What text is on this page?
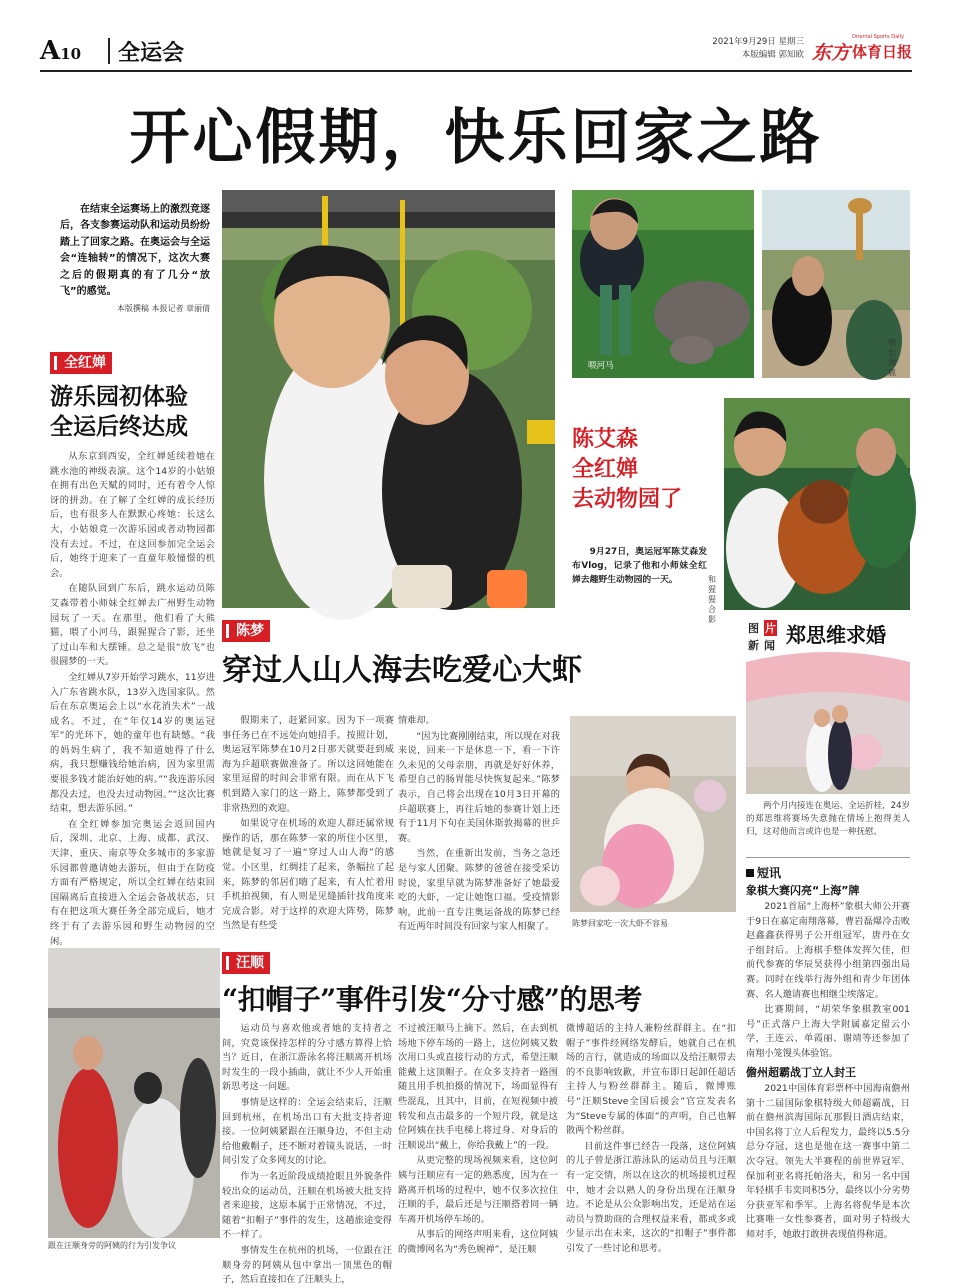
A10 全运会	2021年9月29日 星期三
本版编辑 郭知欧 东方
Oriental Sports Daily
体育日报
开心假期，快乐回家之路

在结束全运赛场上的激烈竞逐后，各支参赛运动队和运动员纷纷踏上了回家之路。在奥运会与全运会“连轴转”的情况下，这次大赛之后的假期真的有了几分“放飞”的感觉。

本版撰稿 本报记者 章丽倩

全红婵
游乐园初体验
全运后终达成

从东京到西安，全红婵延续着她在跳水池的神级表演。这个14岁的小姑娘在拥有出色天赋的同时，还有着令人惊讶的拼劲。在了解了全红婵的成长经历后，也有很多人在默默心疼她：长这么大，小姑娘竟一次游乐园或者动物园都没有去过。不过，在这回参加完全运会后，她终于迎来了一直童年般憧憬的机会。

在随队回到广东后，跳水运动员陈艾森带着小师妹全红婵去广州野生动物园玩了一天。在那里，他们看了大熊猫，喂了小河马，跟猩猩合了影，还坐了过山车和大摆锤。总之是很“放飞”也很圆梦的一天。

全红婵从7岁开始学习跳水，11岁进入广东省跳水队，13岁入选国家队。然后在东京奥运会上以“水花消失术”一战成名。不过，在“年仅14岁的奥运冠军”的光环下，她的童年也有缺憾。“我的妈妈生病了，我不知道她得了什么病，我只想赚钱给她治病，因为家里需要很多钱才能治好她的病。”“我连游乐园都没去过，也没去过动物园。”“这次比赛结束，想去游乐园。”

在全红婵参加完奥运会返回国内后，深圳、北京、上海、成都、武汉、天津、重庆、南京等众多城市的多家游乐园都曾邀请她去游玩，但由于在防疫方面有严格规定，所以全红婵在结束回国隔离后直接进入全运会备战状态，只有在把这项大赛任务全部完成后，她才终于有了去游乐园和野生动物园的空闲。

喂河马
喂长颈鹿
陈艾森
全红婵
去动物园了
9月27日，奥运冠军陈艾森发布Vlog，记录了他和小师妹全红婵去趣野生动物园的一天。	和猩猩合影
陈梦
穿过人山人海去吃爱心大虾

假期来了，赶紧回家。因为下一项赛事任务已在不远处向她招手。按照计划，奥运冠军陈梦在10月2日那天就要赶到威海为乒超联赛做准备了。所以这回她能在家里逗留的时间会非常有限。而在从下飞机到踏入家门的这一路上，陈梦都受到了非常热烈的欢迎。

如果说守在机场的欢迎人群还属常规操作的话，那在陈梦一家的所住小区里，她就是复习了一遍“穿过人山人海”的感觉。小区里，红绸挂了起来，条幅拉了起来，陈梦的邻居们嗨了起来，有人忙着用手机拍视频，有人则是见缝插针找角度来完成合影。对于这样的欢迎大阵势，陈梦当然是有些受

情难却。

“因为比赛刚刚结束，所以现在对我来说，回来一下是休息一下，看一下许久未见的父母亲朋，再就是好好休养，希望自己的肠胃能尽快恢复起来。”陈梦表示，自己将会出现在10月3日开幕的乒超联赛上，再往后她的参赛计划上还有于11月下旬在美国休斯敦揭幕的世乒赛。

当然，在重新出发前，当务之急还是与家人团聚。陈梦的爸爸在接受采访时说，家里早就为陈梦准备好了她最爱吃的大虾，一定让她饱口福。受疫情影响，此前一直专注奥运备战的陈梦已经有近两年时间没有回家与家人相聚了。	陈梦回家吃一次大虾不容易
图 片
新 闻 郑思维求婚
两个月内接连在奥运、全运折桂，24岁的郑思维将赛场失意抛在情场上抱得美人归，这对他而言或许也是一种抚慰。
短讯
象棋大赛闪亮“上海”牌

2021首届“上海杯”象棋大师公开赛于9日在嘉定南翔落幕，曹岩磊爆冷击败赵鑫鑫获得男子公开组冠军，唐丹在女子组封后。上海棋手整体发挥欠佳，但前代参赛的华辰昊获得小组第四强出局赛。同时在线举行海外组和青少年团体赛、名人邀请赛也相继尘埃落定。

比赛期间，“胡荣华象棋教室001号”正式落户上海大学附属嘉定留云小学，王连云、单霞丽、谢靖等还参加了南翔小笼馒头体验馆。

儋州超霸战丁立人封王

2021中国体育彩票杯中国海南儋州第十二届国际象棋特级大师超霸战，日前在儋州滨海国际瓦那假日酒店结束，中国名将丁立人后程发力，最终以5.5分总分夺冠，这也是他在这一赛事中第二次夺冠。领先大半赛程的前世界冠军、保加利亚名将托帕洛夫，和另一名中国年轻棋手韦奕同积5分，最终以小分劣势分获亚军和季军。上海名将倪华是本次比赛唯一女性参赛者，面对男子特级大师对手，她敢打敢拼表现值得称道。

跟在汪顺身旁的阿姨的行为引发争议
汪顺
“扣帽子”事件引发“分寸感”的思考

运动员与喜欢他或者她的支持者之间，究竟该保持怎样的分寸感方算得上恰当？近日，在浙江游泳名将汪顺离开机场时发生的一段小插曲，就让不少人开始重新思考这一问题。

事情是这样的：全运会结束后，汪顺回到杭州，在机场出口有大批支持者迎接。一位阿姨紧跟在汪顺身边，不但主动给他戴帽子，还不断对着镜头说话，一时间引发了众多网友的讨论。

作为一名近阶段成绩抢眼且外貌条件较出众的运动员，汪顺在机场被大批支持者来迎接，这原本属于正常情况，不过，随着“扣帽子”事件的发生，这趟旅途变得不一样了。

事情发生在杭州的机场，一位跟在汪顺身旁的阿姨从包中拿出一顶黑色的帽子，然后直接扣在了汪顺头上，

不过被汪顺马上摘下。然后，在去到机场地下停车场的一路上，这位阿姨又数次用口头或直接行动的方式，希望汪顺能戴上这顶帽子。在众多支持者一路围随且用手机拍摄的情况下，场面显得有些混乱，且其中，目前，在短视频中被转发和点击最多的一个短片段，就是这位阿姨在扶手电梯上将过身、对身后的汪顺说出“戴上，你给我戴上”的一段。

从更完整的现场视频来看，这位阿姨与汪顺应有一定的熟悉度，因为在一路离开机场的过程中，她不仅多次拉住汪顺的手，最后还是与汪顺搭着同一辆车离开机场停车场的。

从事后的网络声明来看，这位阿姨的微博网名为“秀色婉禅”，是汪顺

微博超话的主持人兼粉丝群群主。在“扣帽子”事件经网络发酵后，她就自己在机场的言行，就造成的场面以及给汪顺带去的不良影响致歉，并宣布即日起卸任超话主持人与粉丝群群主。随后，微博账号“汪顺Steve全国后援会”官宣发表名为“Steve专属的体面”的声明，自己也解散两个粉丝群。

目前这件事已经告一段落，这位阿姨的儿子曾是浙江游泳队的运动员且与汪顺有一定交情，所以在这次的机场接机过程中，她才会以熟人的身份出现在汪顺身边。不论是从公众影响出发，还是站在运动员与赞助商的合理权益来看，都或多或少显示出在未来，这次的“扣帽子”事件都引发了一些讨论和思考。
